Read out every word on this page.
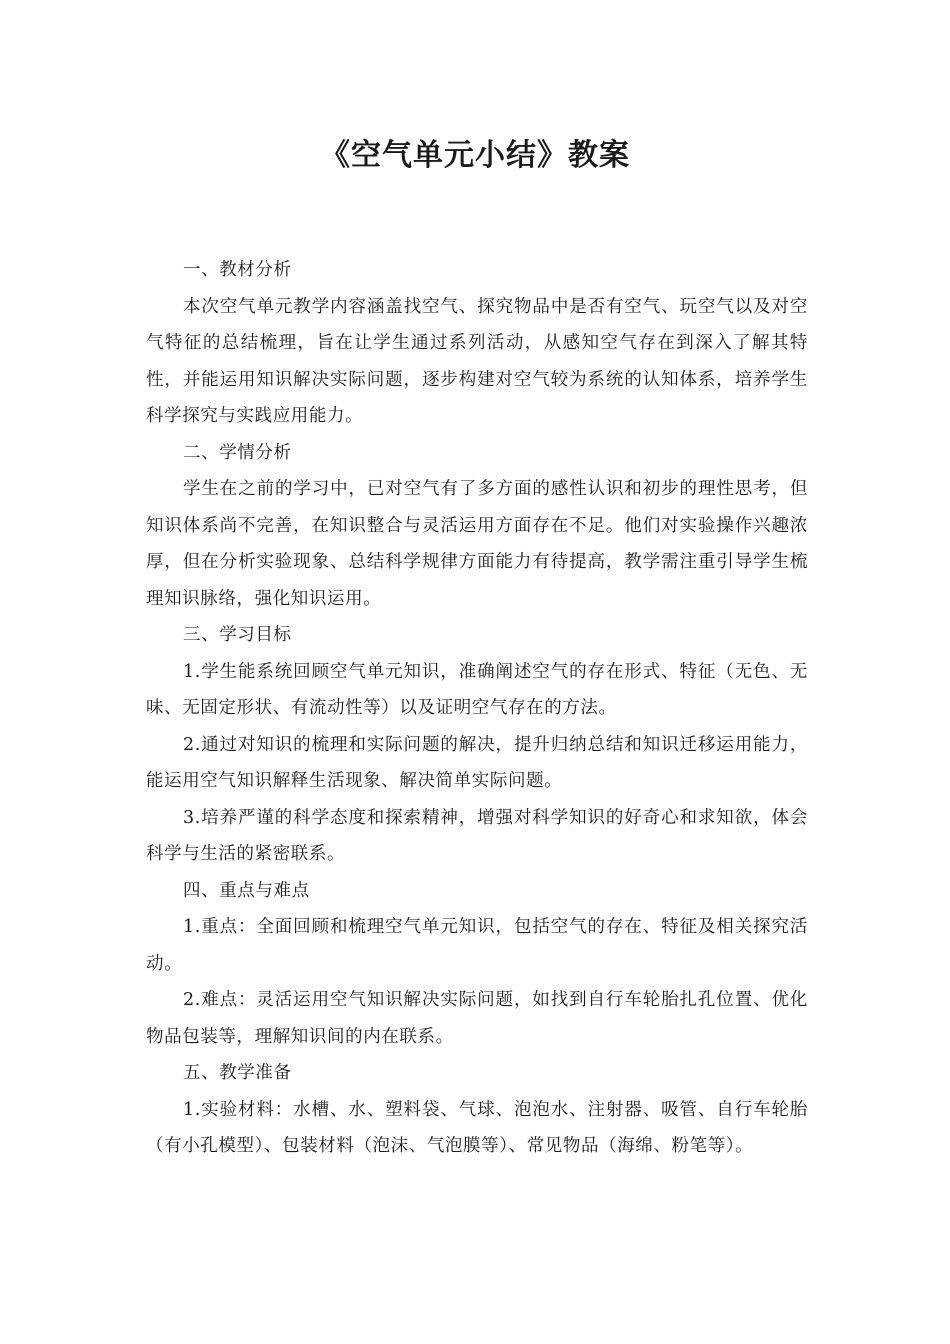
《空气单元小结》教案

一、教材分析

本次空气单元教学内容涵盖找空气、探究物品中是否有空气、玩空气以及对空气特征的总结梳理，旨在让学生通过系列活动，从感知空气存在到深入了解其特性，并能运用知识解决实际问题，逐步构建对空气较为系统的认知体系，培养学生科学探究与实践应用能力。

二、学情分析

学生在之前的学习中，已对空气有了多方面的感性认识和初步的理性思考，但知识体系尚不完善，在知识整合与灵活运用方面存在不足。他们对实验操作兴趣浓厚，但在分析实验现象、总结科学规律方面能力有待提高，教学需注重引导学生梳理知识脉络，强化知识运用。

三、学习目标

1.学生能系统回顾空气单元知识，准确阐述空气的存在形式、特征（无色、无味、无固定形状、有流动性等）以及证明空气存在的方法。

2.通过对知识的梳理和实际问题的解决，提升归纳总结和知识迁移运用能力，能运用空气知识解释生活现象、解决简单实际问题。

3.培养严谨的科学态度和探索精神，增强对科学知识的好奇心和求知欲，体会科学与生活的紧密联系。

四、重点与难点

1.重点：全面回顾和梳理空气单元知识，包括空气的存在、特征及相关探究活动。

2.难点：灵活运用空气知识解决实际问题，如找到自行车轮胎扎孔位置、优化物品包装等，理解知识间的内在联系。

五、教学准备

1.实验材料：水槽、水、塑料袋、气球、泡泡水、注射器、吸管、自行车轮胎（有小孔模型）、包装材料（泡沫、气泡膜等）、常见物品（海绵、粉笔等）。
